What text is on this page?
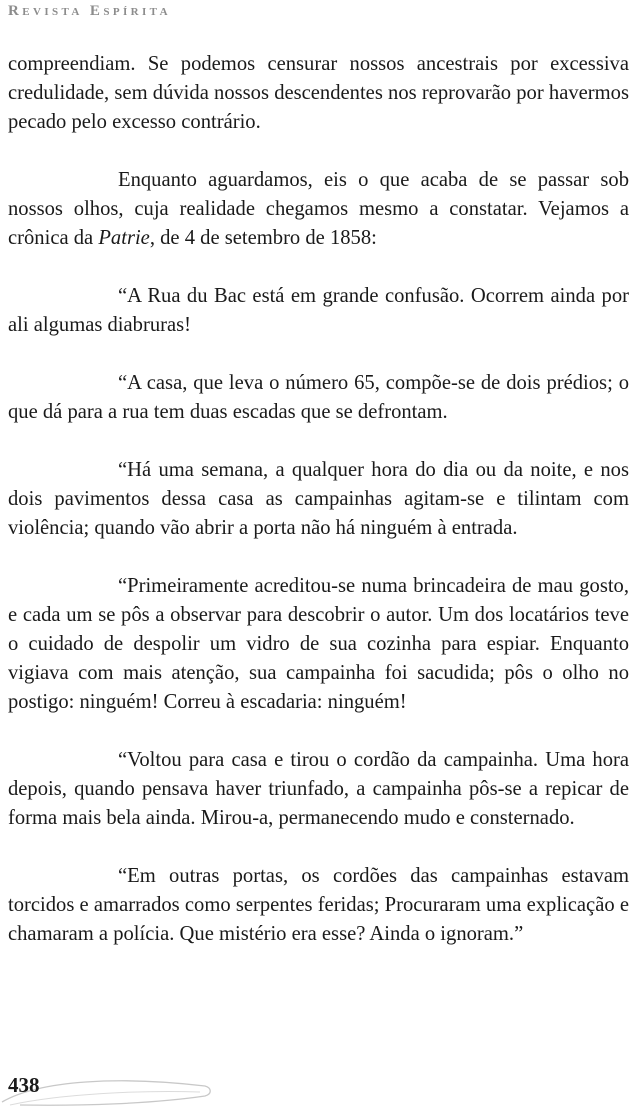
Revista Espírita

compreendiam. Se podemos censurar nossos ancestrais por excessiva credulidade, sem dúvida nossos descendentes nos reprovarão por havermos pecado pelo excesso contrário.

Enquanto aguardamos, eis o que acaba de se passar sob nossos olhos, cuja realidade chegamos mesmo a constatar. Vejamos a crônica da Patrie, de 4 de setembro de 1858:

“A Rua du Bac está em grande confusão. Ocorrem ainda por ali algumas diabruras!

“A casa, que leva o número 65, compõe-se de dois prédios; o que dá para a rua tem duas escadas que se defrontam.

“Há uma semana, a qualquer hora do dia ou da noite, e nos dois pavimentos dessa casa as campainhas agitam-se e tilintam com violência; quando vão abrir a porta não há ninguém à entrada.

“Primeiramente acreditou-se numa brincadeira de mau gosto, e cada um se pôs a observar para descobrir o autor. Um dos locatários teve o cuidado de despolir um vidro de sua cozinha para espiar. Enquanto vigiava com mais atenção, sua campainha foi sacudida; pôs o olho no postigo: ninguém! Correu à escadaria: ninguém!

“Voltou para casa e tirou o cordão da campainha. Uma hora depois, quando pensava haver triunfado, a campainha pôs-se a repicar de forma mais bela ainda. Mirou-a, permanecendo mudo e consternado.

“Em outras portas, os cordões das campainhas estavam torcidos e amarrados como serpentes feridas; Procuraram uma explicação e chamaram a polícia. Que mistério era esse? Ainda o ignoram.”

438
